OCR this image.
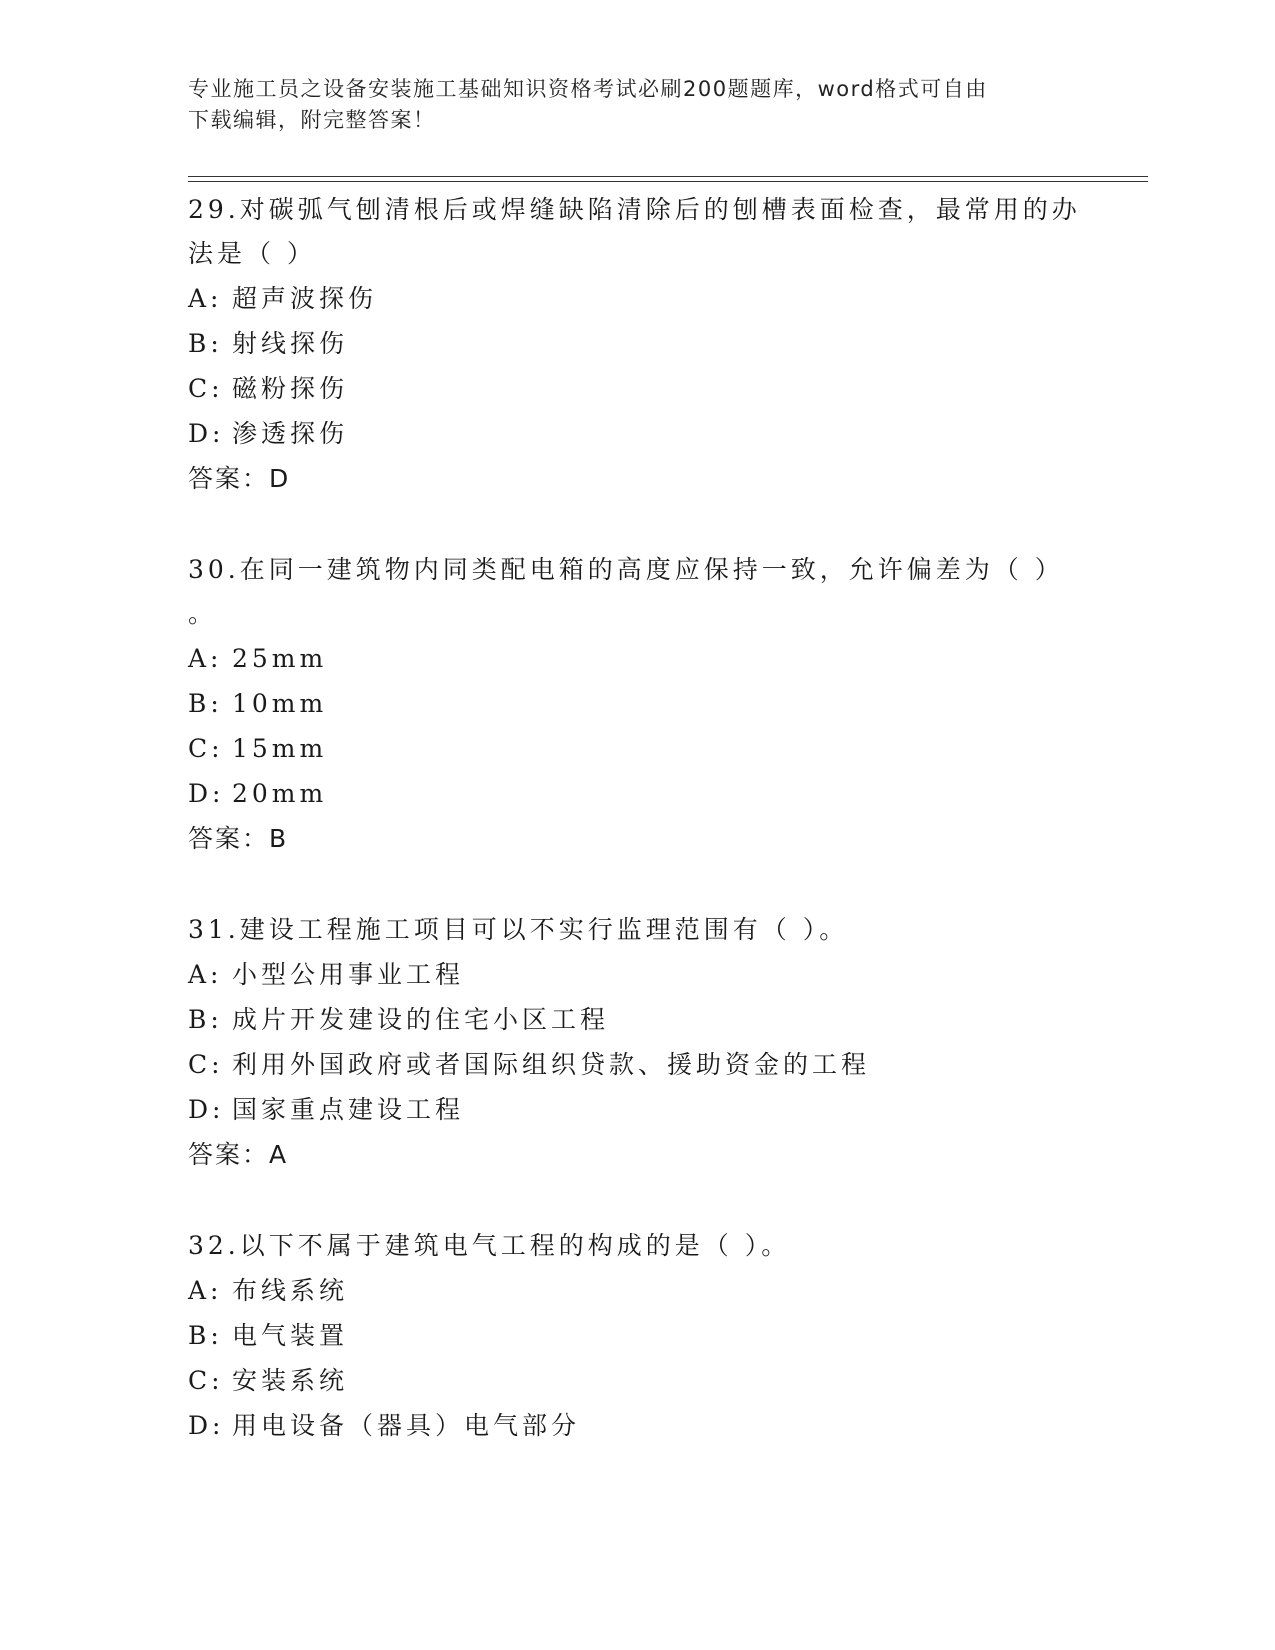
专业施工员之设备安装施工基础知识资格考试必刷200题题库，word格式可自由
下载编辑，附完整答案！

29.对碳弧气刨清根后或焊缝缺陷清除后的刨槽表面检查，最常用的办

法是（ ）

A: 超声波探伤
B: 射线探伤
C: 磁粉探伤
D: 渗透探伤

答案：D

30.在同一建筑物内同类配电箱的高度应保持一致，允许偏差为（ ）

。

A: 25mm
B: 10mm
C: 15mm
D: 20mm

答案：B

31.建设工程施工项目可以不实行监理范围有（ ）。

A: 小型公用事业工程
B: 成片开发建设的住宅小区工程
C: 利用外国政府或者国际组织贷款、援助资金的工程
D: 国家重点建设工程

答案：A

32.以下不属于建筑电气工程的构成的是（ ）。

A: 布线系统
B: 电气装置
C: 安装系统
D: 用电设备（器具）电气部分
